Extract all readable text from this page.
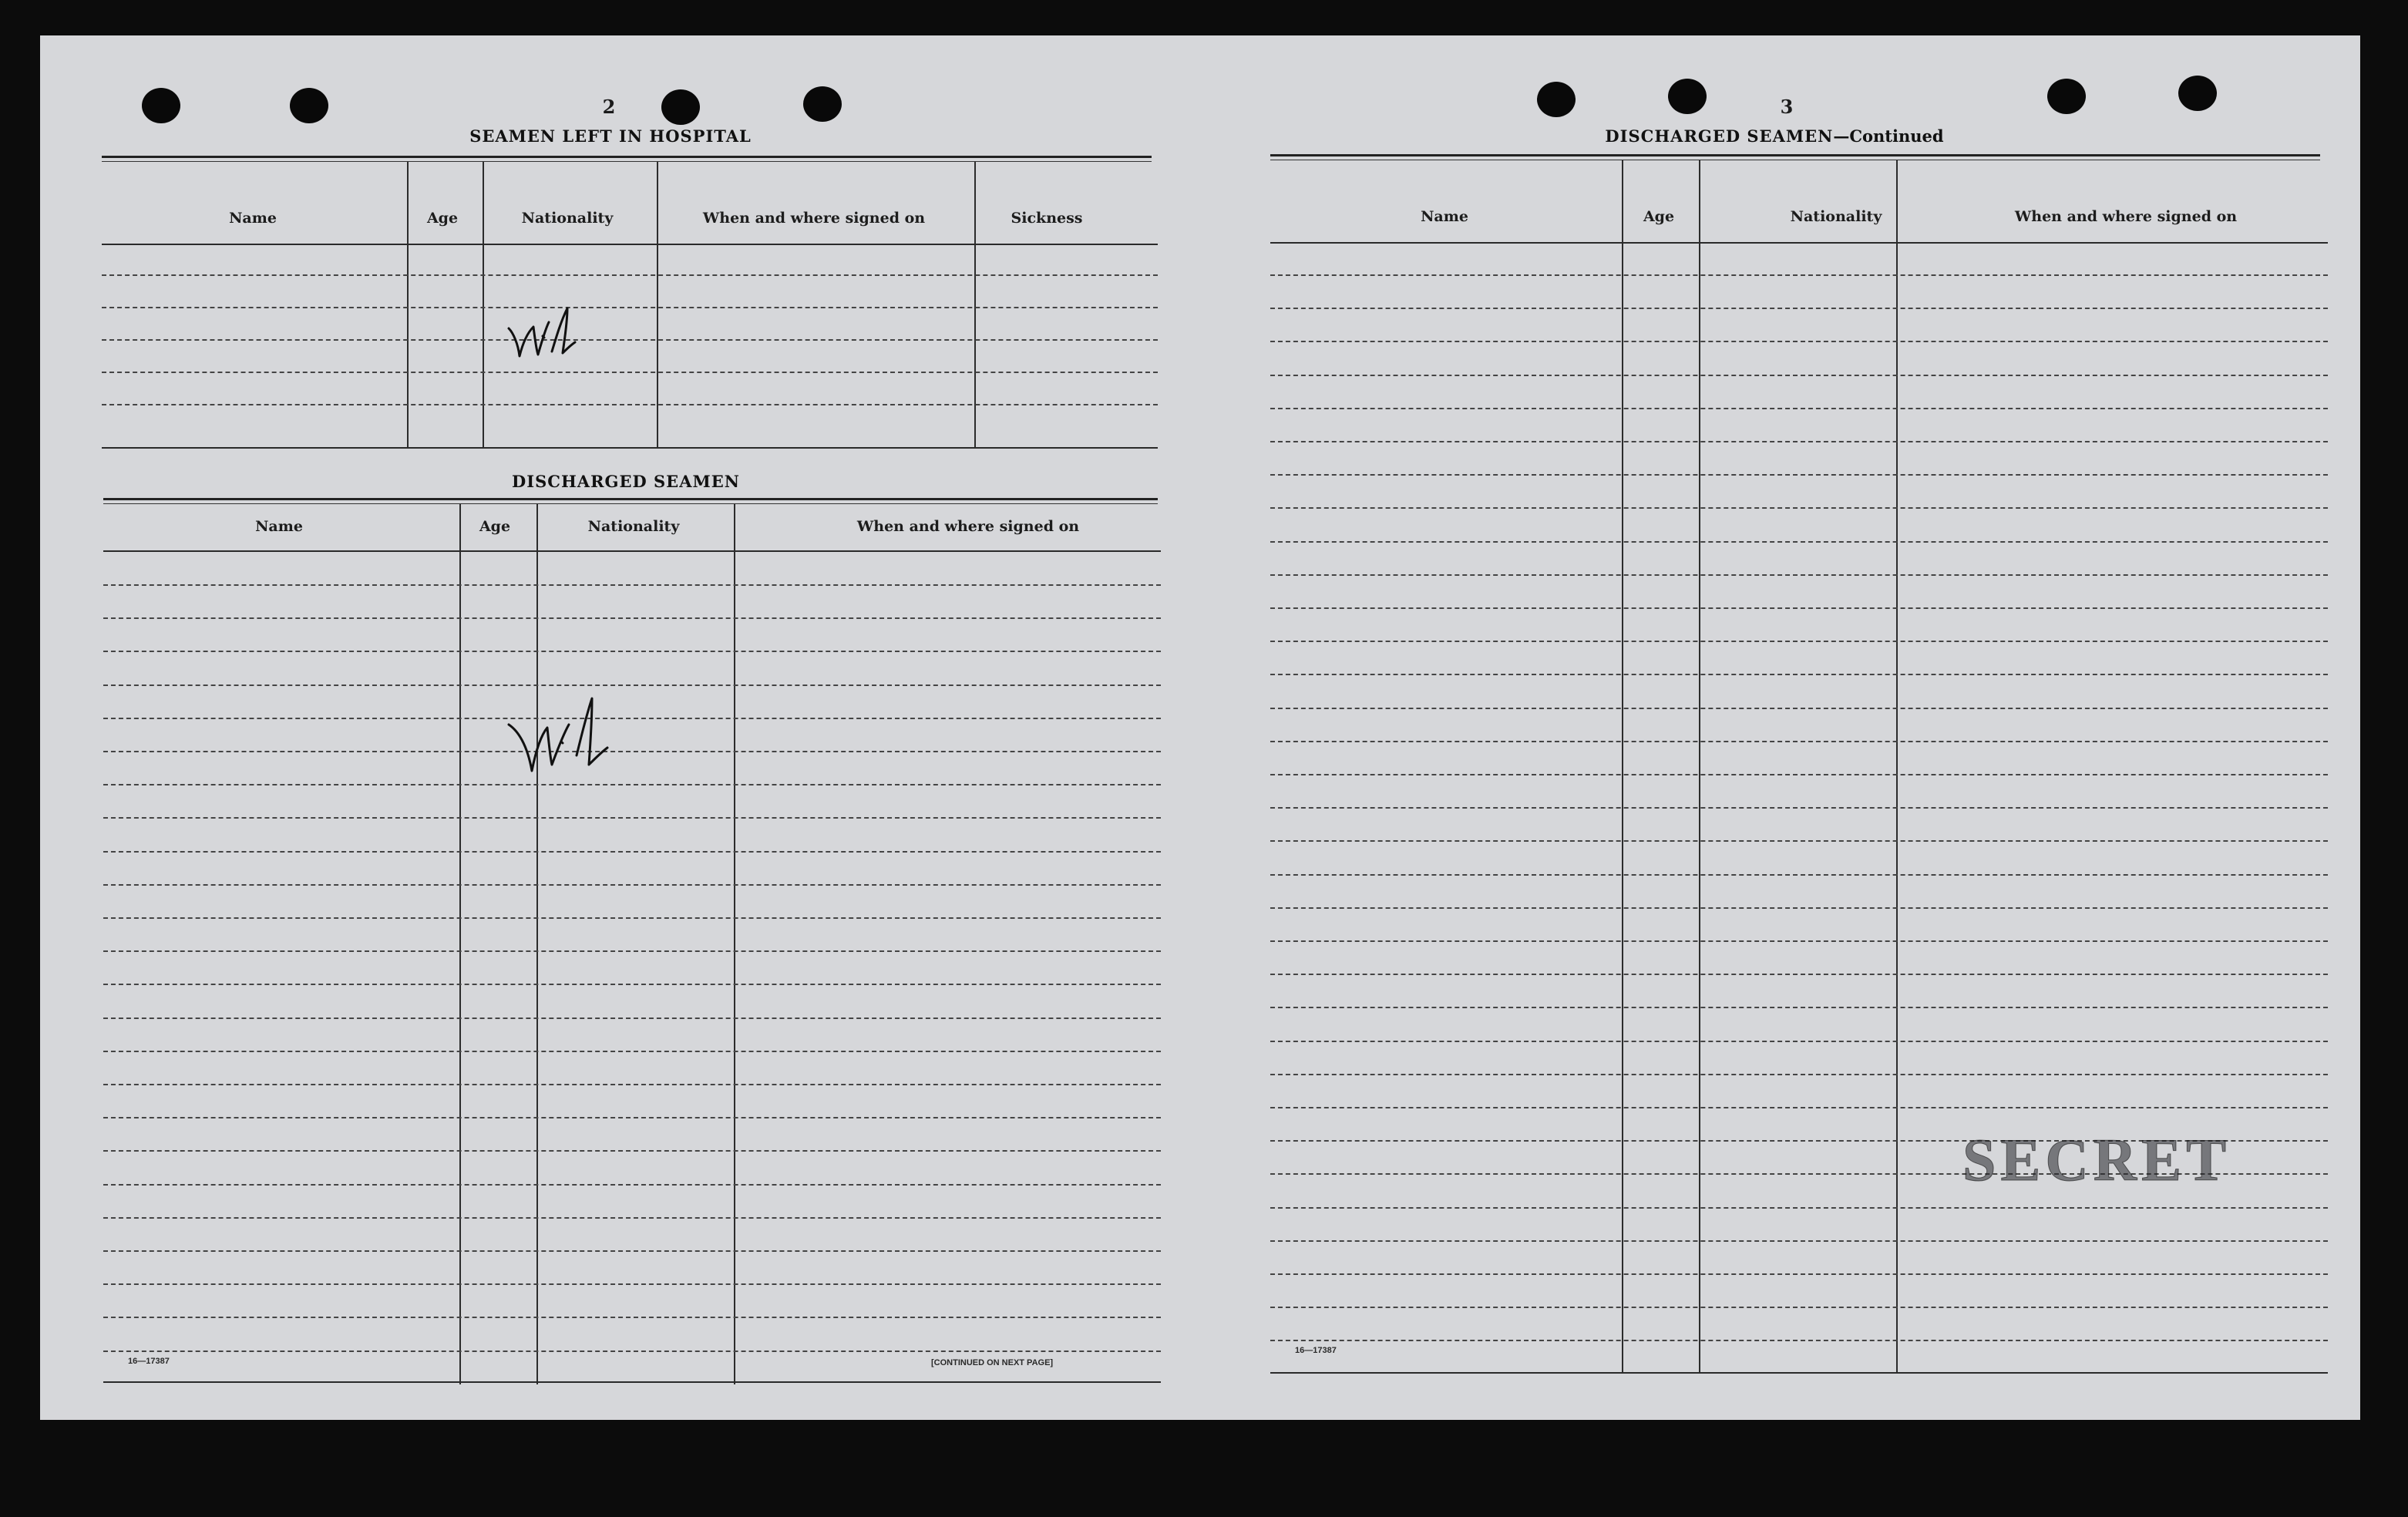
2
SEAMEN LEFT IN HOSPITAL
Name	Age	Nationality	When and where signed on	Sickness
DISCHARGED SEAMEN
Name	Age	Nationality	When and where signed on
16—17387	[CONTINUED ON NEXT PAGE]
3
DISCHARGED SEAMEN—Continued
Name	Age	Nationality	When and where signed on
SECRET
16—17387
